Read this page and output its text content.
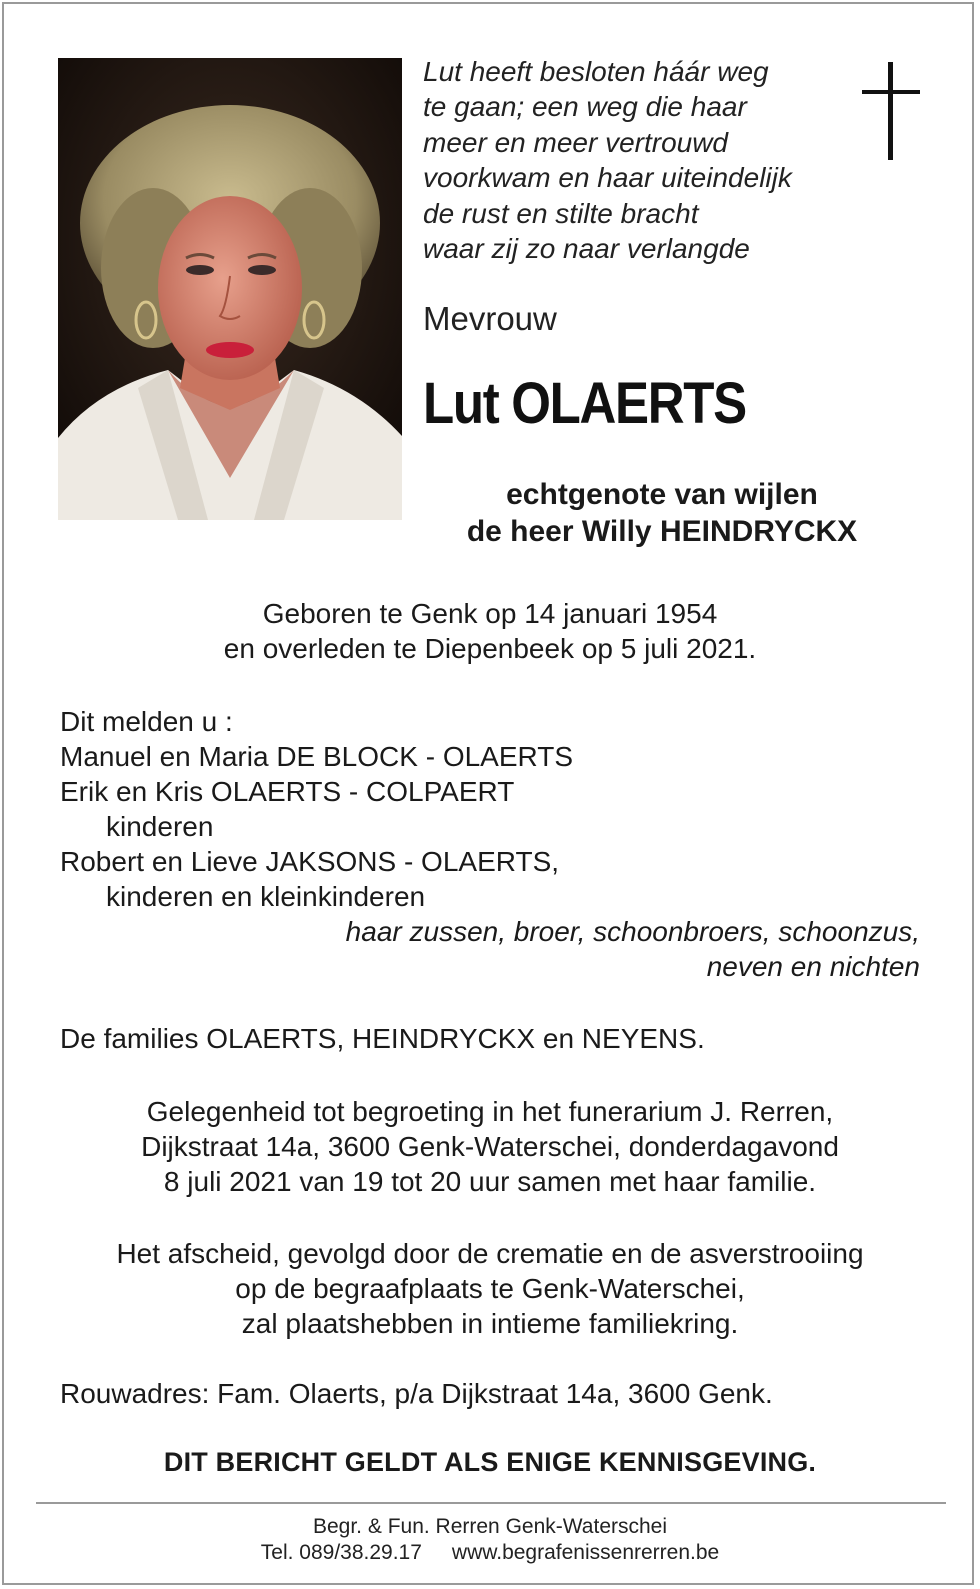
Lut heeft besloten háár weg
te gaan; een weg die haar
meer en meer vertrouwd
voorkwam en haar uiteindelijk
de rust en stilte bracht
waar zij zo naar verlangde
Mevrouw
Lut OLAERTS
echtgenote van wijlen
de heer Willy HEINDRYCKX
Geboren te Genk op 14 januari 1954
en overleden te Diepenbeek op 5 juli 2021.
Dit melden u :
Manuel en Maria DE BLOCK - OLAERTS
Erik en Kris OLAERTS - COLPAERT
kinderen
Robert en Lieve JAKSONS - OLAERTS,
kinderen en kleinkinderen
haar zussen, broer, schoonbroers, schoonzus,
neven en nichten
De families OLAERTS, HEINDRYCKX en NEYENS.
Gelegenheid tot begroeting in het funerarium J. Rerren,
Dijkstraat 14a, 3600 Genk-Waterschei, donderdagavond
8 juli 2021 van 19 tot 20 uur samen met haar familie.
Het afscheid, gevolgd door de crematie en de asverstrooiing
op de begraafplaats te Genk-Waterschei,
zal plaatshebben in intieme familiekring.
Rouwadres: Fam. Olaerts, p/a Dijkstraat 14a, 3600 Genk.
DIT BERICHT GELDT ALS ENIGE KENNISGEVING.
Begr. & Fun. Rerren Genk-Waterschei
Tel. 089/38.29.17 www.begrafenissenrerren.be
